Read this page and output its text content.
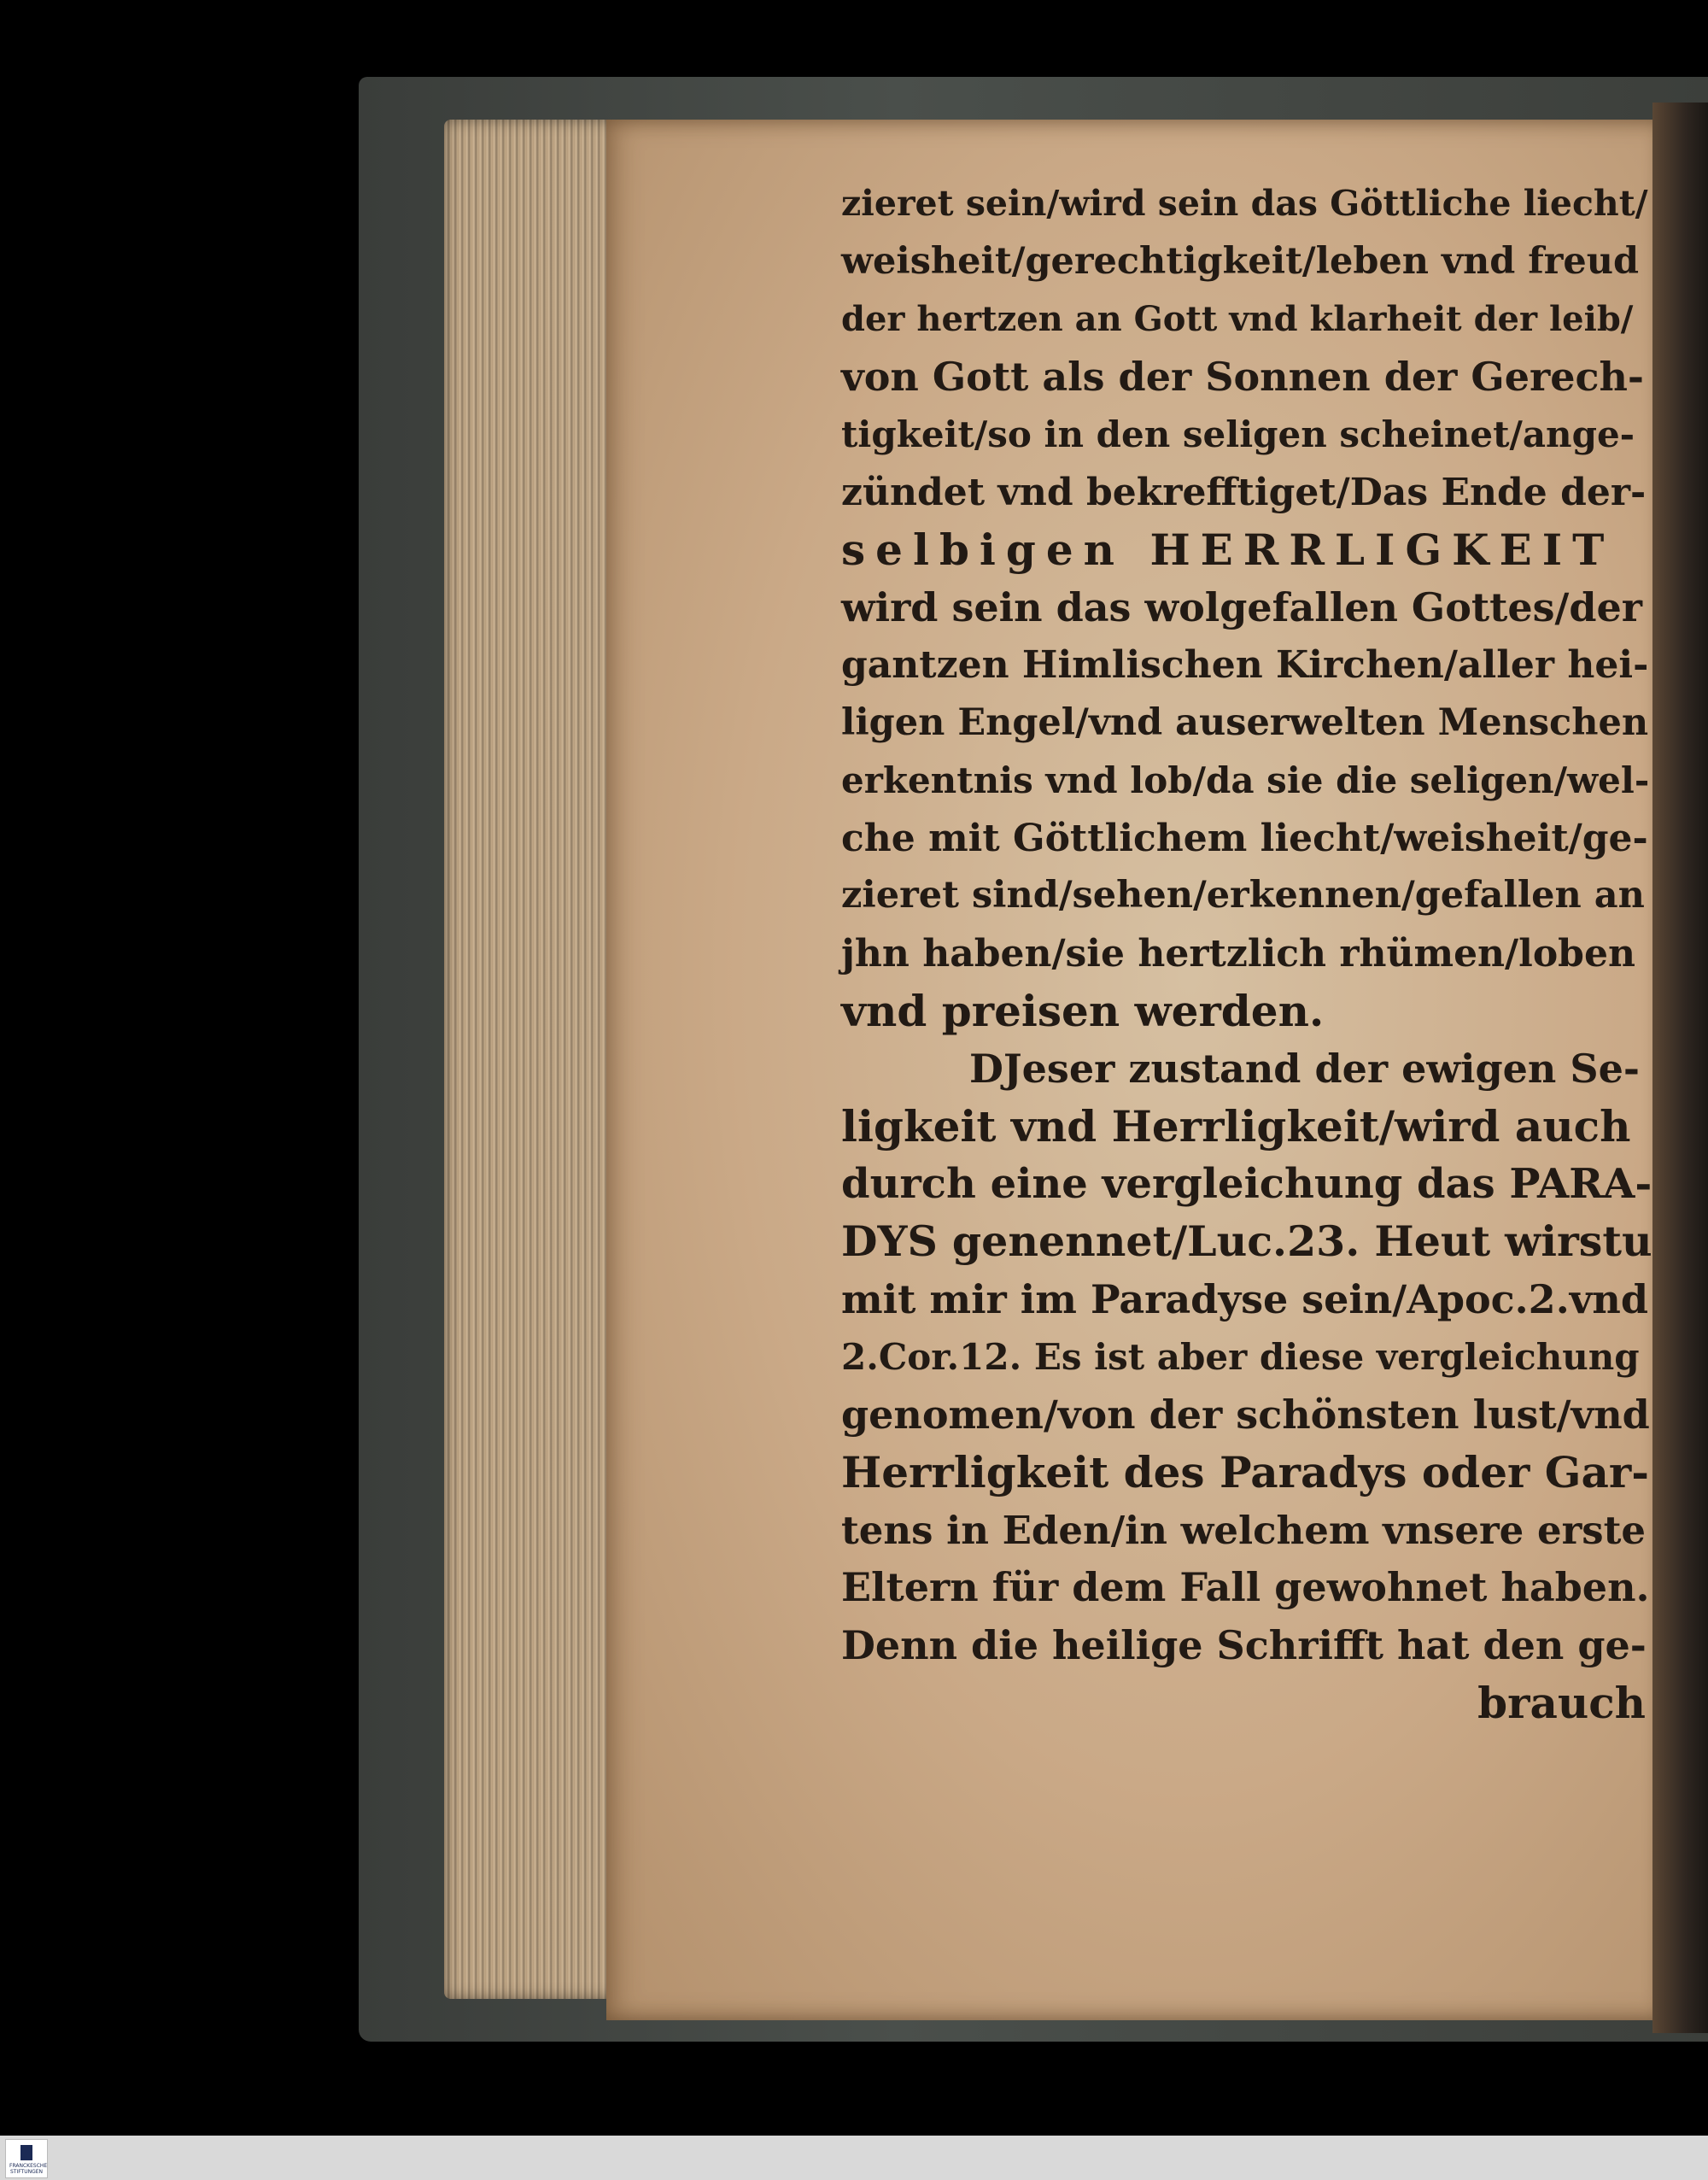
zieret sein/wird sein das Göttliche liecht/
weisheit/gerechtigkeit/leben vnd freud
der hertzen an Gott vnd klarheit der leib/
von Gott als der Sonnen der Gerech-
tigkeit/so in den seligen scheinet/ange-
zündet vnd bekrefftiget/Das Ende der-
selbigen HERRLIGKEIT
wird sein das wolgefallen Gottes/der
gantzen Himlischen Kirchen/aller hei-
ligen Engel/vnd auserwelten Menschen
erkentnis vnd lob/da sie die seligen/wel-
che mit Göttlichem liecht/weisheit/ge-
zieret sind/sehen/erkennen/gefallen an
jhn haben/sie hertzlich rhümen/loben
vnd preisen werden.
DJeser zustand der ewigen Se-
ligkeit vnd Herrligkeit/wird auch
durch eine vergleichung das PARA-
DYS genennet/Luc.23. Heut wirstu
mit mir im Paradyse sein/Apoc.2.vnd
2.Cor.12. Es ist aber diese vergleichung
genomen/von der schönsten lust/vnd
Herrligkeit des Paradys oder Gar-
tens in Eden/in welchem vnsere erste
Eltern für dem Fall gewohnet haben.
Denn die heilige Schrifft hat den ge-
brauch
FRANCKESCHE STIFTUNGEN
